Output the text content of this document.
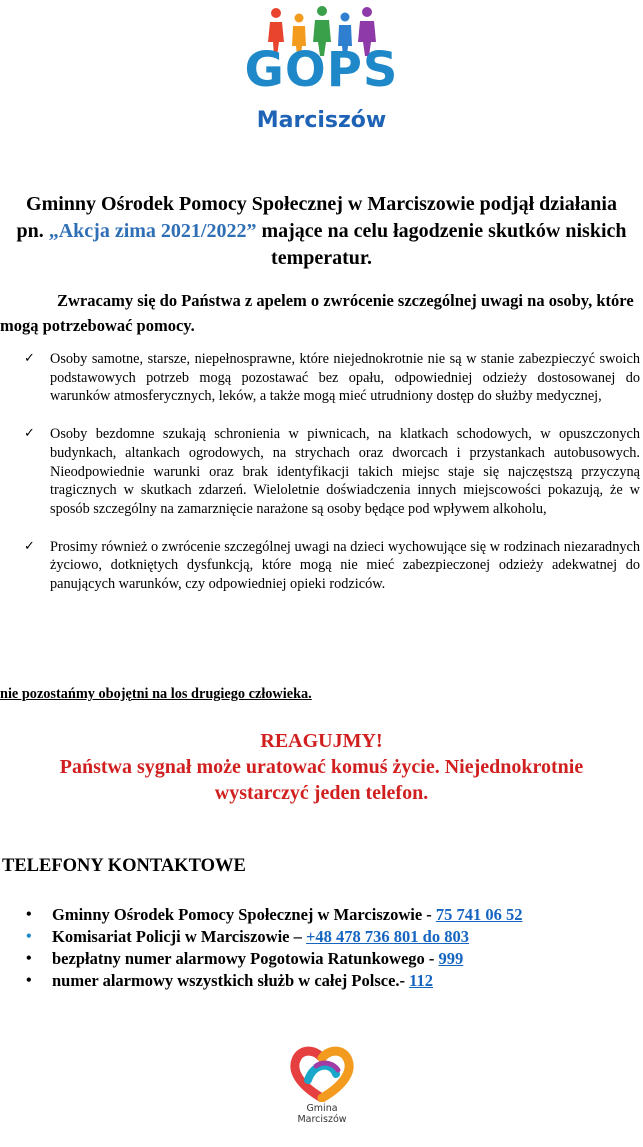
GOPS
Marciszów
Gminny Ośrodek Pomocy Społecznej w Marciszowie podjął działania pn. „Akcja zima 2021/2022” mające na celu łagodzenie skutków niskich temperatur.
Zwracamy się do Państwa z apelem o zwrócenie szczególnej uwagi na osoby, które mogą potrzebować pomocy.
✓ Osoby samotne, starsze, niepełnosprawne, które niejednokrotnie nie są w stanie zabezpieczyć swoich podstawowych potrzeb mogą pozostawać bez opału, odpowiedniej odzieży dostosowanej do warunków atmosferycznych, leków, a także mogą mieć utrudniony dostęp do służby medycznej,
✓ Osoby bezdomne szukają schronienia w piwnicach, na klatkach schodowych, w opuszczonych budynkach, altankach ogrodowych, na strychach oraz dworcach i przystankach autobusowych. Nieodpowiednie warunki oraz brak identyfikacji takich miejsc staje się najczęstszą przyczyną tragicznych w skutkach zdarzeń. Wieloletnie doświadczenia innych miejscowości pokazują, że w sposób szczególny na zamarznięcie narażone są osoby będące pod wpływem alkoholu,
✓ Prosimy również o zwrócenie szczególnej uwagi na dzieci wychowujące się w rodzinach niezaradnych życiowo, dotkniętych dysfunkcją, które mogą nie mieć zabezpieczonej odzieży adekwatnej do panujących warunków, czy odpowiedniej opieki rodziców.
nie pozostańmy obojętni na los drugiego człowieka.
REAGUJMY!
Państwa sygnał może uratować komuś życie. Niejednokrotnie
wystarczyć jeden telefon.
TELEFONY KONTAKTOWE
• Gminny Ośrodek Pomocy Społecznej w Marciszowie - 75 741 06 52
• Komisariat Policji w Marciszowie – +48 478 736 801 do 803
• bezpłatny numer alarmowy Pogotowia Ratunkowego - 999
• numer alarmowy wszystkich służb w całej Polsce.- 112
Gmina
Marciszów
